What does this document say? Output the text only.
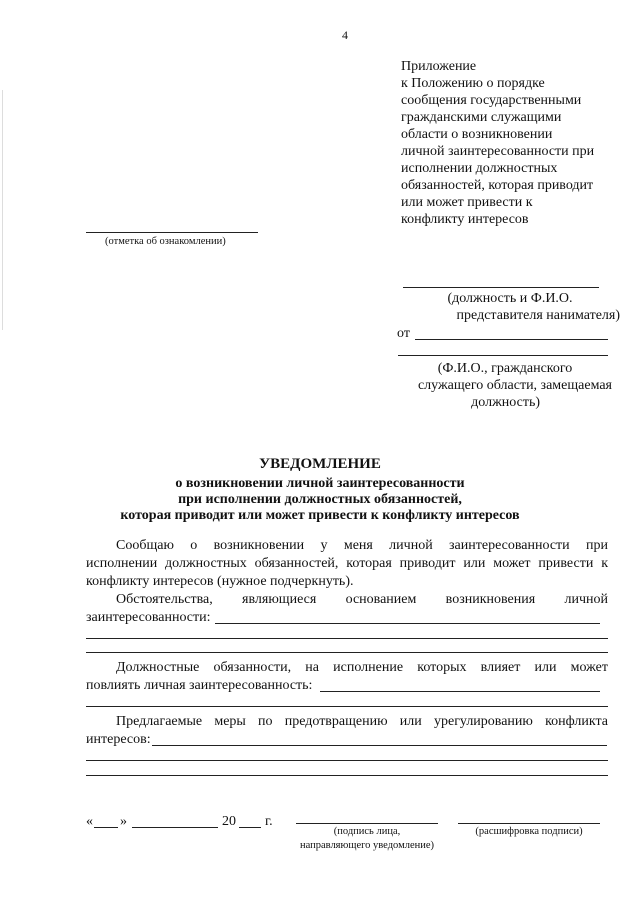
4
Приложение
к Положению о порядке
сообщения государственными
гражданскими служащими
области о возникновении
личной заинтересованности при
исполнении должностных
обязанностей, которая приводит
или может привести к
конфликту интересов
(отметка об ознакомлении)
(должность и Ф.И.О.
представителя нанимателя)
от
(Ф.И.О., гражданского
служащего области, замещаемая
должность)
УВЕДОМЛЕНИЕ
о возникновении личной заинтересованности
при исполнении должностных обязанностей,
которая приводит или может привести к конфликту интересов
Сообщаю о возникновении у меня личной заинтересованности при
исполнении должностных обязанностей, которая приводит или может привести к
конфликту интересов (нужное подчеркнуть).
Обстоятельства, являющиеся основанием возникновения личной
заинтересованности:
Должностные обязанности, на исполнение которых влияет или может
повлиять личная заинтересованность:
Предлагаемые меры по предотвращению или урегулированию конфликта
интересов:
« »	20 г.
(подпись лица,
направляющего уведомление)
(расшифровка подписи)
